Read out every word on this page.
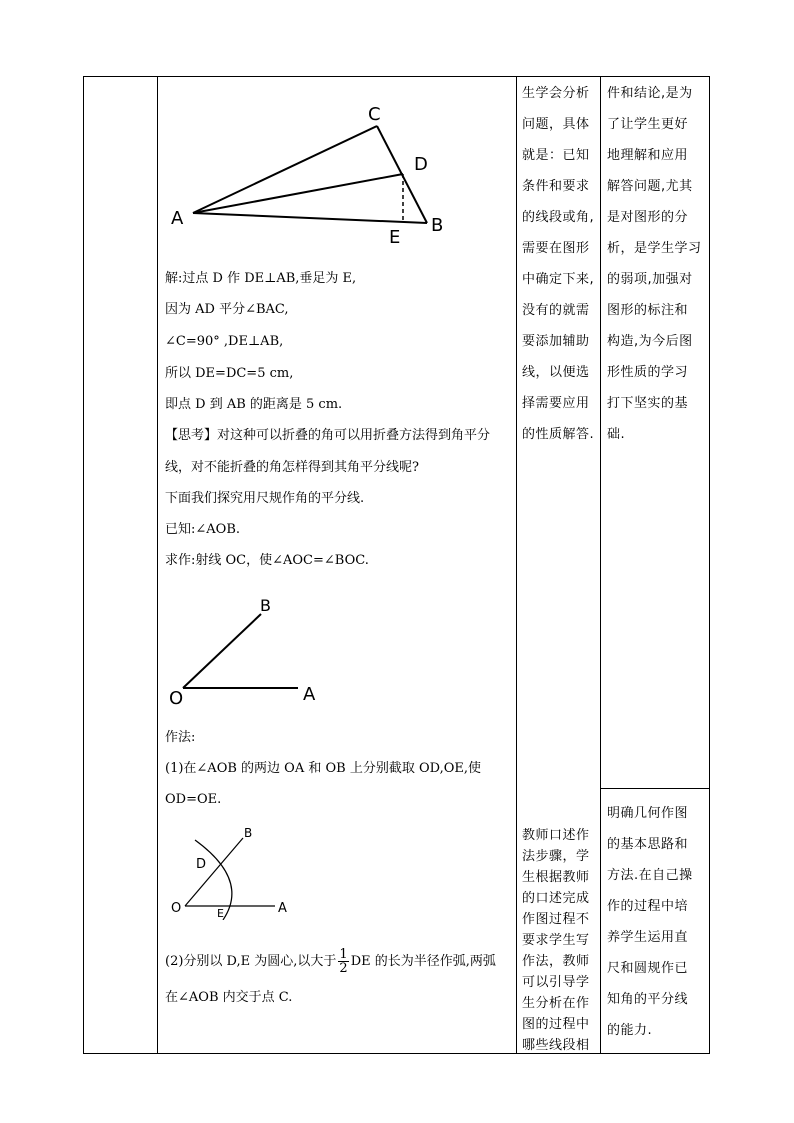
A
C
D
B
E
解:过点 D 作 DE⊥AB,垂足为 E,
因为 AD 平分∠BAC,
∠C=90° ,DE⊥AB,
所以 DE=DC=5 cm,
即点 D 到 AB 的距离是 5 cm.
【思考】对这种可以折叠的角可以用折叠方法得到角平分
线，对不能折叠的角怎样得到其角平分线呢?
下面我们探究用尺规作角的平分线.
已知:∠AOB.
求作:射线 OC，使∠AOC=∠BOC.
O	A
B
作法:
(1)在∠AOB 的两边 OA 和 OB 上分别截取 OD,OE,使
OD=OE.
O	A
B
D
E
(2)分别以 D,E 为圆心,以大于 $\frac{1}{2}$ DE 的长为半径作弧,两弧
在∠AOB 内交于点 C.
生学会分析
问题，具体
就是：已知
条件和要求
的线段或角,
需要在图形
中确定下来,
没有的就需
要添加辅助
线，以便选
择需要应用
的性质解答.
件和结论,是为
了让学生更好
地理解和应用
解答问题,尤其
是对图形的分
析，是学生学习
的弱项,加强对
图形的标注和
构造,为今后图
形性质的学习
打下坚实的基
础.
教师口述作
法步骤，学
生根据教师
的口述完成
作图过程不
要求学生写
作法，教师
可以引导学
生分析在作
图的过程中
哪些线段相
明确几何作图
的基本思路和
方法.在自己操
作的过程中培
养学生运用直
尺和圆规作已
知角的平分线
的能力.
